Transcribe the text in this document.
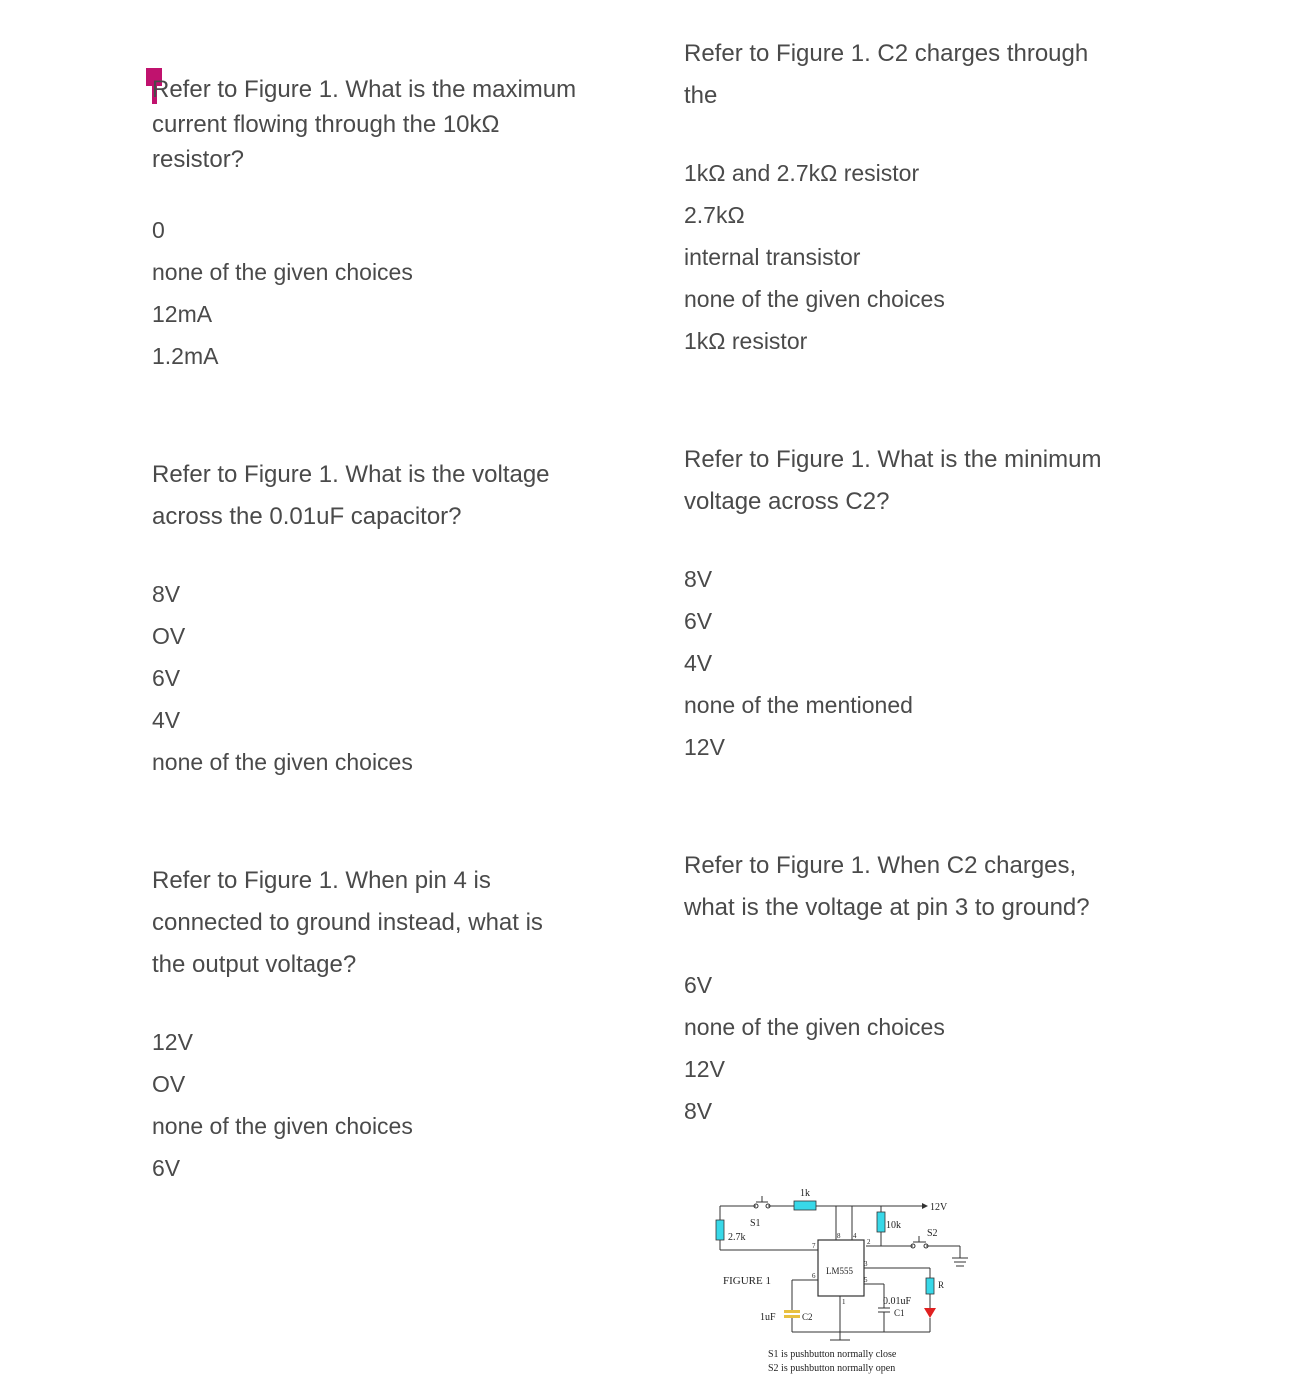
Refer to Figure 1. What is the maximum
current flowing through the 10kΩ
resistor?
0
none of the given choices
12mA
1.2mA
Refer to Figure 1. C2 charges through
the
1kΩ and 2.7kΩ resistor
2.7kΩ
internal transistor
none of the given choices
1kΩ resistor
Refer to Figure 1. What is the voltage
across the 0.01uF capacitor?
8V
OV
6V
4V
none of the given choices
Refer to Figure 1. What is the minimum
voltage across C2?
8V
6V
4V
none of the mentioned
12V
Refer to Figure 1. When pin 4 is
connected to ground instead, what is
the output voltage?
12V
OV
none of the given choices
6V
Refer to Figure 1. When C2 charges,
what is the voltage at pin 3 to ground?
6V
none of the given choices
12V
8V
1k
2.7k
S1	10k
12V
S2
LM555
FIGURE 1
1uF	C2
0.01uF
C1
R
8 4
7	2
3
6	5
1
S1 is pushbutton normally close
S2 is pushbutton normally open
